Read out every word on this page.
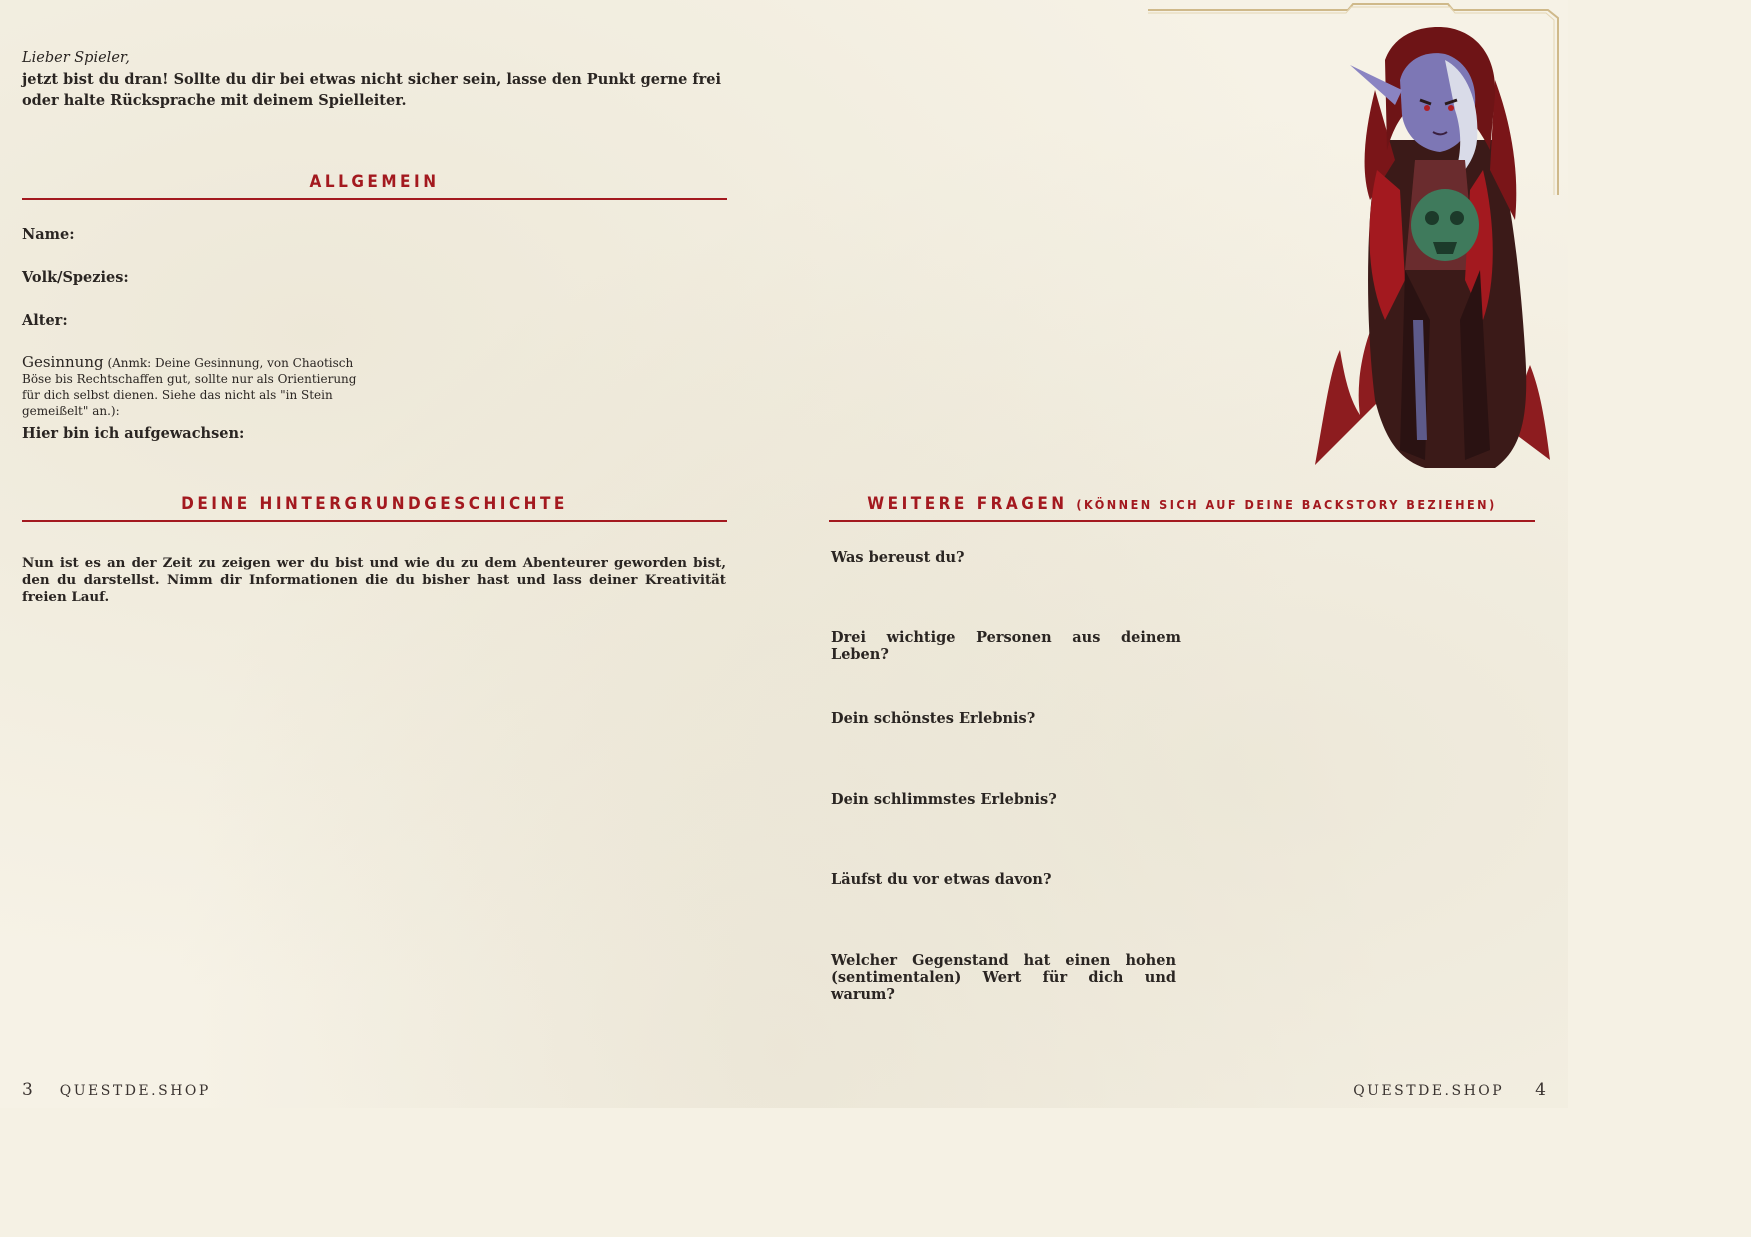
Lieber Spieler,
jetzt bist du dran! Sollte du dir bei etwas nicht sicher sein, lasse den Punkt gerne frei oder halte Rücksprache mit deinem Spielleiter.
ALLGEMEIN
Name:
Volk/Spezies:
Alter:
Gesinnung (Anmk: Deine Gesinnung, von Chaotisch Böse bis Rechtschaffen gut, sollte nur als Orientierung für dich selbst dienen. Siehe das nicht als "in Stein gemeißelt" an.):
Hier bin ich aufgewachsen:
DEINE HINTERGRUNDGESCHICHTE
Nun ist es an der Zeit zu zeigen wer du bist und wie du zu dem Abenteurer geworden bist, den du darstellst. Nimm dir Informationen die du bisher hast und lass deiner Kreativität freien Lauf.
WEITERE FRAGEN (KÖNNEN SICH AUF DEINE BACKSTORY BEZIEHEN)
Was bereust du?
Drei wichtige Personen aus deinem Leben?
Dein schönstes Erlebnis?
Dein schlimmstes Erlebnis?
Läufst du vor etwas davon?
Welcher Gegenstand hat einen hohen (sentimentalen) Wert für dich und warum?
3 QUESTDE.SHOP	QUESTDE.SHOP 4
